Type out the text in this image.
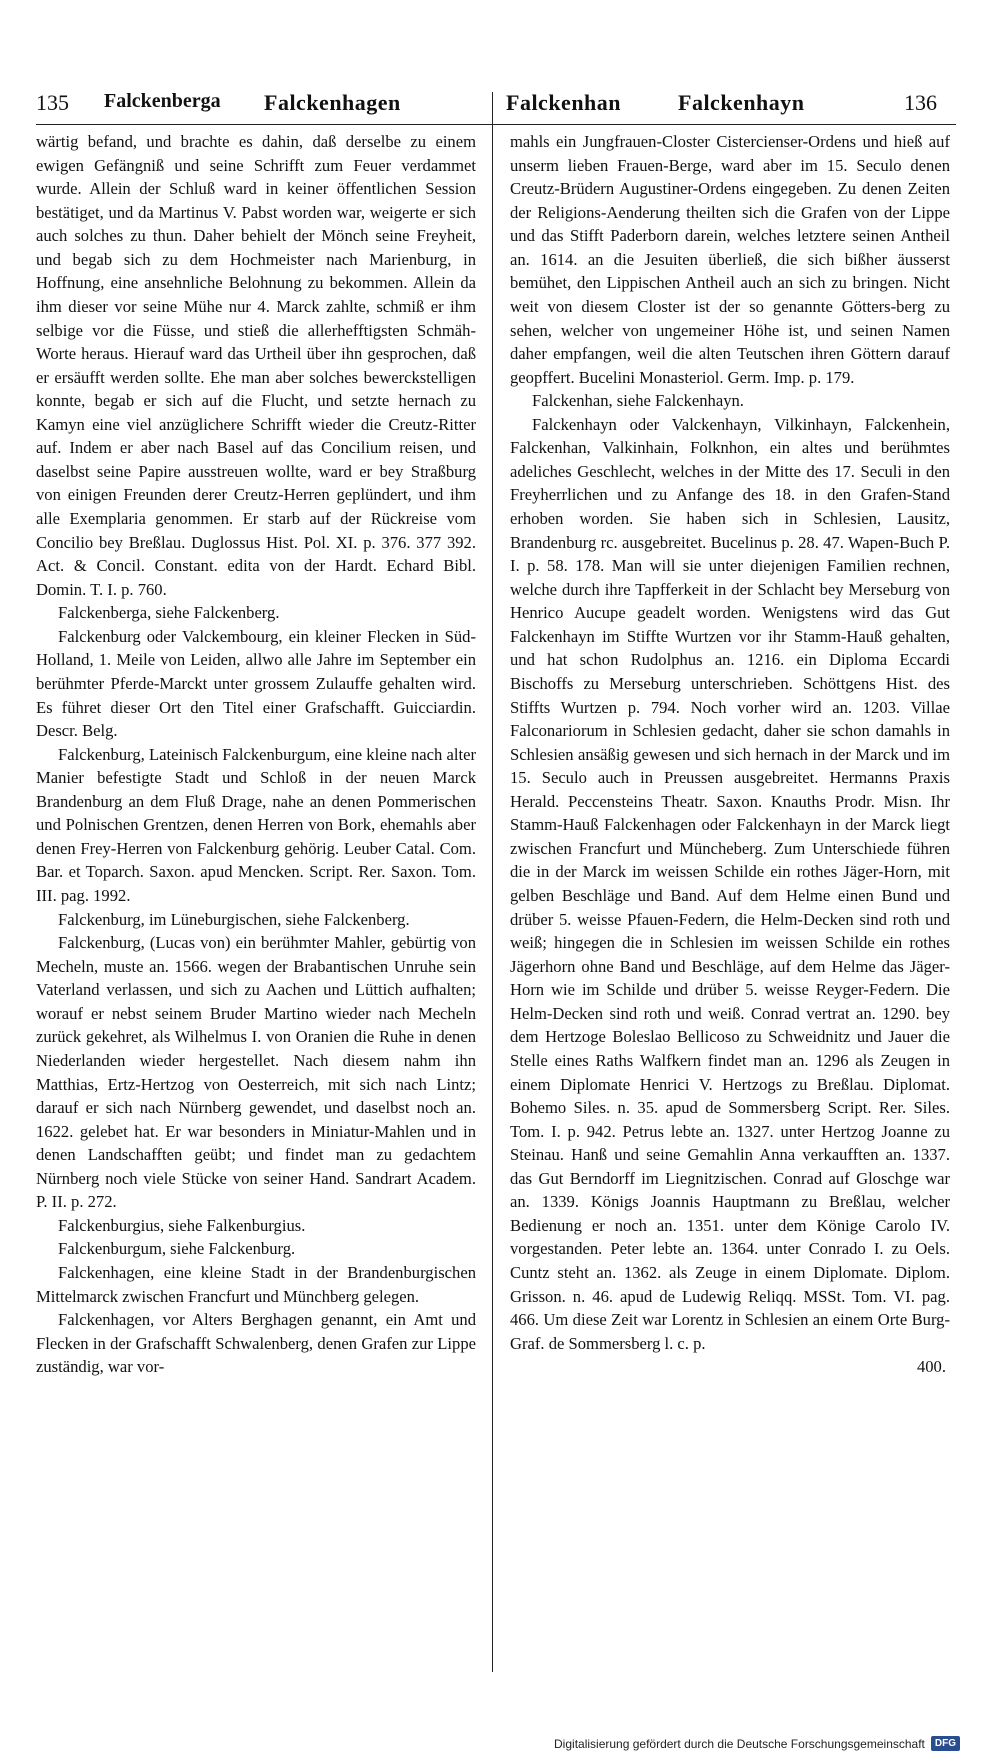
135 Falckenberga Falckenhagen	Falckenhan	Falckenhayn	136

wärtig befand, und brachte es dahin, daß derselbe zu einem ewigen Gefängniß und seine Schrifft zum Feuer verdammet wurde. Allein der Schluß ward in keiner öffentlichen Session bestätiget, und da Martinus V. Pabst worden war, weigerte er sich auch solches zu thun. Daher behielt der Mönch seine Freyheit, und begab sich zu dem Hochmeister nach Marienburg, in Hoffnung, eine ansehnliche Belohnung zu bekommen. Allein da ihm dieser vor seine Mühe nur 4. Marck zahlte, schmiß er ihm selbige vor die Füsse, und stieß die allerhefftigsten Schmäh-Worte heraus. Hierauf ward das Urtheil über ihn gesprochen, daß er ersäufft werden sollte. Ehe man aber solches bewerckstelligen konnte, begab er sich auf die Flucht, und setzte hernach zu Kamyn eine viel anzüglichere Schrifft wieder die Creutz-Ritter auf. Indem er aber nach Basel auf das Concilium reisen, und daselbst seine Papire ausstreuen wollte, ward er bey Straßburg von einigen Freunden derer Creutz-Herren geplündert, und ihm alle Exemplaria genommen. Er starb auf der Rückreise vom Concilio bey Breßlau. Duglossus Hist. Pol. XI. p. 376. 377 392. Act. & Concil. Constant. edita von der Hardt. Echard Bibl. Domin. T. I. p. 760.

Falckenberga, siehe Falckenberg.

Falckenburg oder Valckembourg, ein kleiner Flecken in Süd-Holland, 1. Meile von Leiden, allwo alle Jahre im September ein berühmter Pferde-Marckt unter grossem Zulauffe gehalten wird. Es führet dieser Ort den Titel einer Grafschafft. Guicciardin. Descr. Belg.

Falckenburg, Lateinisch Falckenburgum, eine kleine nach alter Manier befestigte Stadt und Schloß in der neuen Marck Brandenburg an dem Fluß Drage, nahe an denen Pommerischen und Polnischen Grentzen, denen Herren von Bork, ehemahls aber denen Frey-Herren von Falckenburg gehörig. Leuber Catal. Com. Bar. et Toparch. Saxon. apud Mencken. Script. Rer. Saxon. Tom. III. pag. 1992.

Falckenburg, im Lüneburgischen, siehe Falckenberg.

Falckenburg, (Lucas von) ein berühmter Mahler, gebürtig von Mecheln, muste an. 1566. wegen der Brabantischen Unruhe sein Vaterland verlassen, und sich zu Aachen und Lüttich aufhalten; worauf er nebst seinem Bruder Martino wieder nach Mecheln zurück gekehret, als Wilhelmus I. von Oranien die Ruhe in denen Niederlanden wieder hergestellet. Nach diesem nahm ihn Matthias, Ertz-Hertzog von Oesterreich, mit sich nach Lintz; darauf er sich nach Nürnberg gewendet, und daselbst noch an. 1622. gelebet hat. Er war besonders in Miniatur-Mahlen und in denen Landschafften geübt; und findet man zu gedachtem Nürnberg noch viele Stücke von seiner Hand. Sandrart Academ. P. II. p. 272.

Falckenburgius, siehe Falkenburgius.

Falckenburgum, siehe Falckenburg.

Falckenhagen, eine kleine Stadt in der Brandenburgischen Mittelmarck zwischen Francfurt und Münchberg gelegen.

Falckenhagen, vor Alters Berghagen genannt, ein Amt und Flecken in der Grafschafft Schwalenberg, denen Grafen zur Lippe zuständig, war vor-

mahls ein Jungfrauen-Closter Cistercienser-Ordens und hieß auf unserm lieben Frauen-Berge, ward aber im 15. Seculo denen Creutz-Brüdern Augustiner-Ordens eingegeben. Zu denen Zeiten der Religions-Aenderung theilten sich die Grafen von der Lippe und das Stifft Paderborn darein, welches letztere seinen Antheil an. 1614. an die Jesuiten überließ, die sich bißher äusserst bemühet, den Lippischen Antheil auch an sich zu bringen. Nicht weit von diesem Closter ist der so genannte Götters-berg zu sehen, welcher von ungemeiner Höhe ist, und seinen Namen daher empfangen, weil die alten Teutschen ihren Göttern darauf geopffert. Bucelini Monasteriol. Germ. Imp. p. 179.

Falckenhan, siehe Falckenhayn.

Falckenhayn oder Valckenhayn, Vilkinhayn, Falckenhein, Falckenhan, Valkinhain, Folknhon, ein altes und berühmtes adeliches Geschlecht, welches in der Mitte des 17. Seculi in den Freyherrlichen und zu Anfange des 18. in den Grafen-Stand erhoben worden. Sie haben sich in Schlesien, Lausitz, Brandenburg rc. ausgebreitet. Bucelinus p. 28. 47. Wapen-Buch P. I. p. 58. 178. Man will sie unter diejenigen Familien rechnen, welche durch ihre Tapfferkeit in der Schlacht bey Merseburg von Henrico Aucupe geadelt worden. Wenigstens wird das Gut Falckenhayn im Stiffte Wurtzen vor ihr Stamm-Hauß gehalten, und hat schon Rudolphus an. 1216. ein Diploma Eccardi Bischoffs zu Merseburg unterschrieben. Schöttgens Hist. des Stiffts Wurtzen p. 794. Noch vorher wird an. 1203. Villae Falconariorum in Schlesien gedacht, daher sie schon damahls in Schlesien ansäßig gewesen und sich hernach in der Marck und im 15. Seculo auch in Preussen ausgebreitet. Hermanns Praxis Herald. Peccensteins Theatr. Saxon. Knauths Prodr. Misn. Ihr Stamm-Hauß Falckenhagen oder Falckenhayn in der Marck liegt zwischen Francfurt und Müncheberg. Zum Unterschiede führen die in der Marck im weissen Schilde ein rothes Jäger-Horn, mit gelben Beschläge und Band. Auf dem Helme einen Bund und drüber 5. weisse Pfauen-Federn, die Helm-Decken sind roth und weiß; hingegen die in Schlesien im weissen Schilde ein rothes Jägerhorn ohne Band und Beschläge, auf dem Helme das Jäger-Horn wie im Schilde und drüber 5. weisse Reyger-Federn. Die Helm-Decken sind roth und weiß. Conrad vertrat an. 1290. bey dem Hertzoge Boleslao Bellicoso zu Schweidnitz und Jauer die Stelle eines Raths Walfkern findet man an. 1296 als Zeugen in einem Diplomate Henrici V. Hertzogs zu Breßlau. Diplomat. Bohemo Siles. n. 35. apud de Sommersberg Script. Rer. Siles. Tom. I. p. 942. Petrus lebte an. 1327. unter Hertzog Joanne zu Steinau. Hanß und seine Gemahlin Anna verkaufften an. 1337. das Gut Berndorff im Liegnitzischen. Conrad auf Gloschge war an. 1339. Königs Joannis Hauptmann zu Breßlau, welcher Bedienung er noch an. 1351. unter dem Könige Carolo IV. vorgestanden. Peter lebte an. 1364. unter Conrado I. zu Oels. Cuntz steht an. 1362. als Zeuge in einem Diplomate. Diplom. Grisson. n. 46. apud de Ludewig Reliqq. MSSt. Tom. VI. pag. 466. Um diese Zeit war Lorentz in Schlesien an einem Orte Burg-Graf. de Sommersberg l. c. p.

400.

Digitalisierung gefördert durch die Deutsche Forschungsgemeinschaft	DFG
